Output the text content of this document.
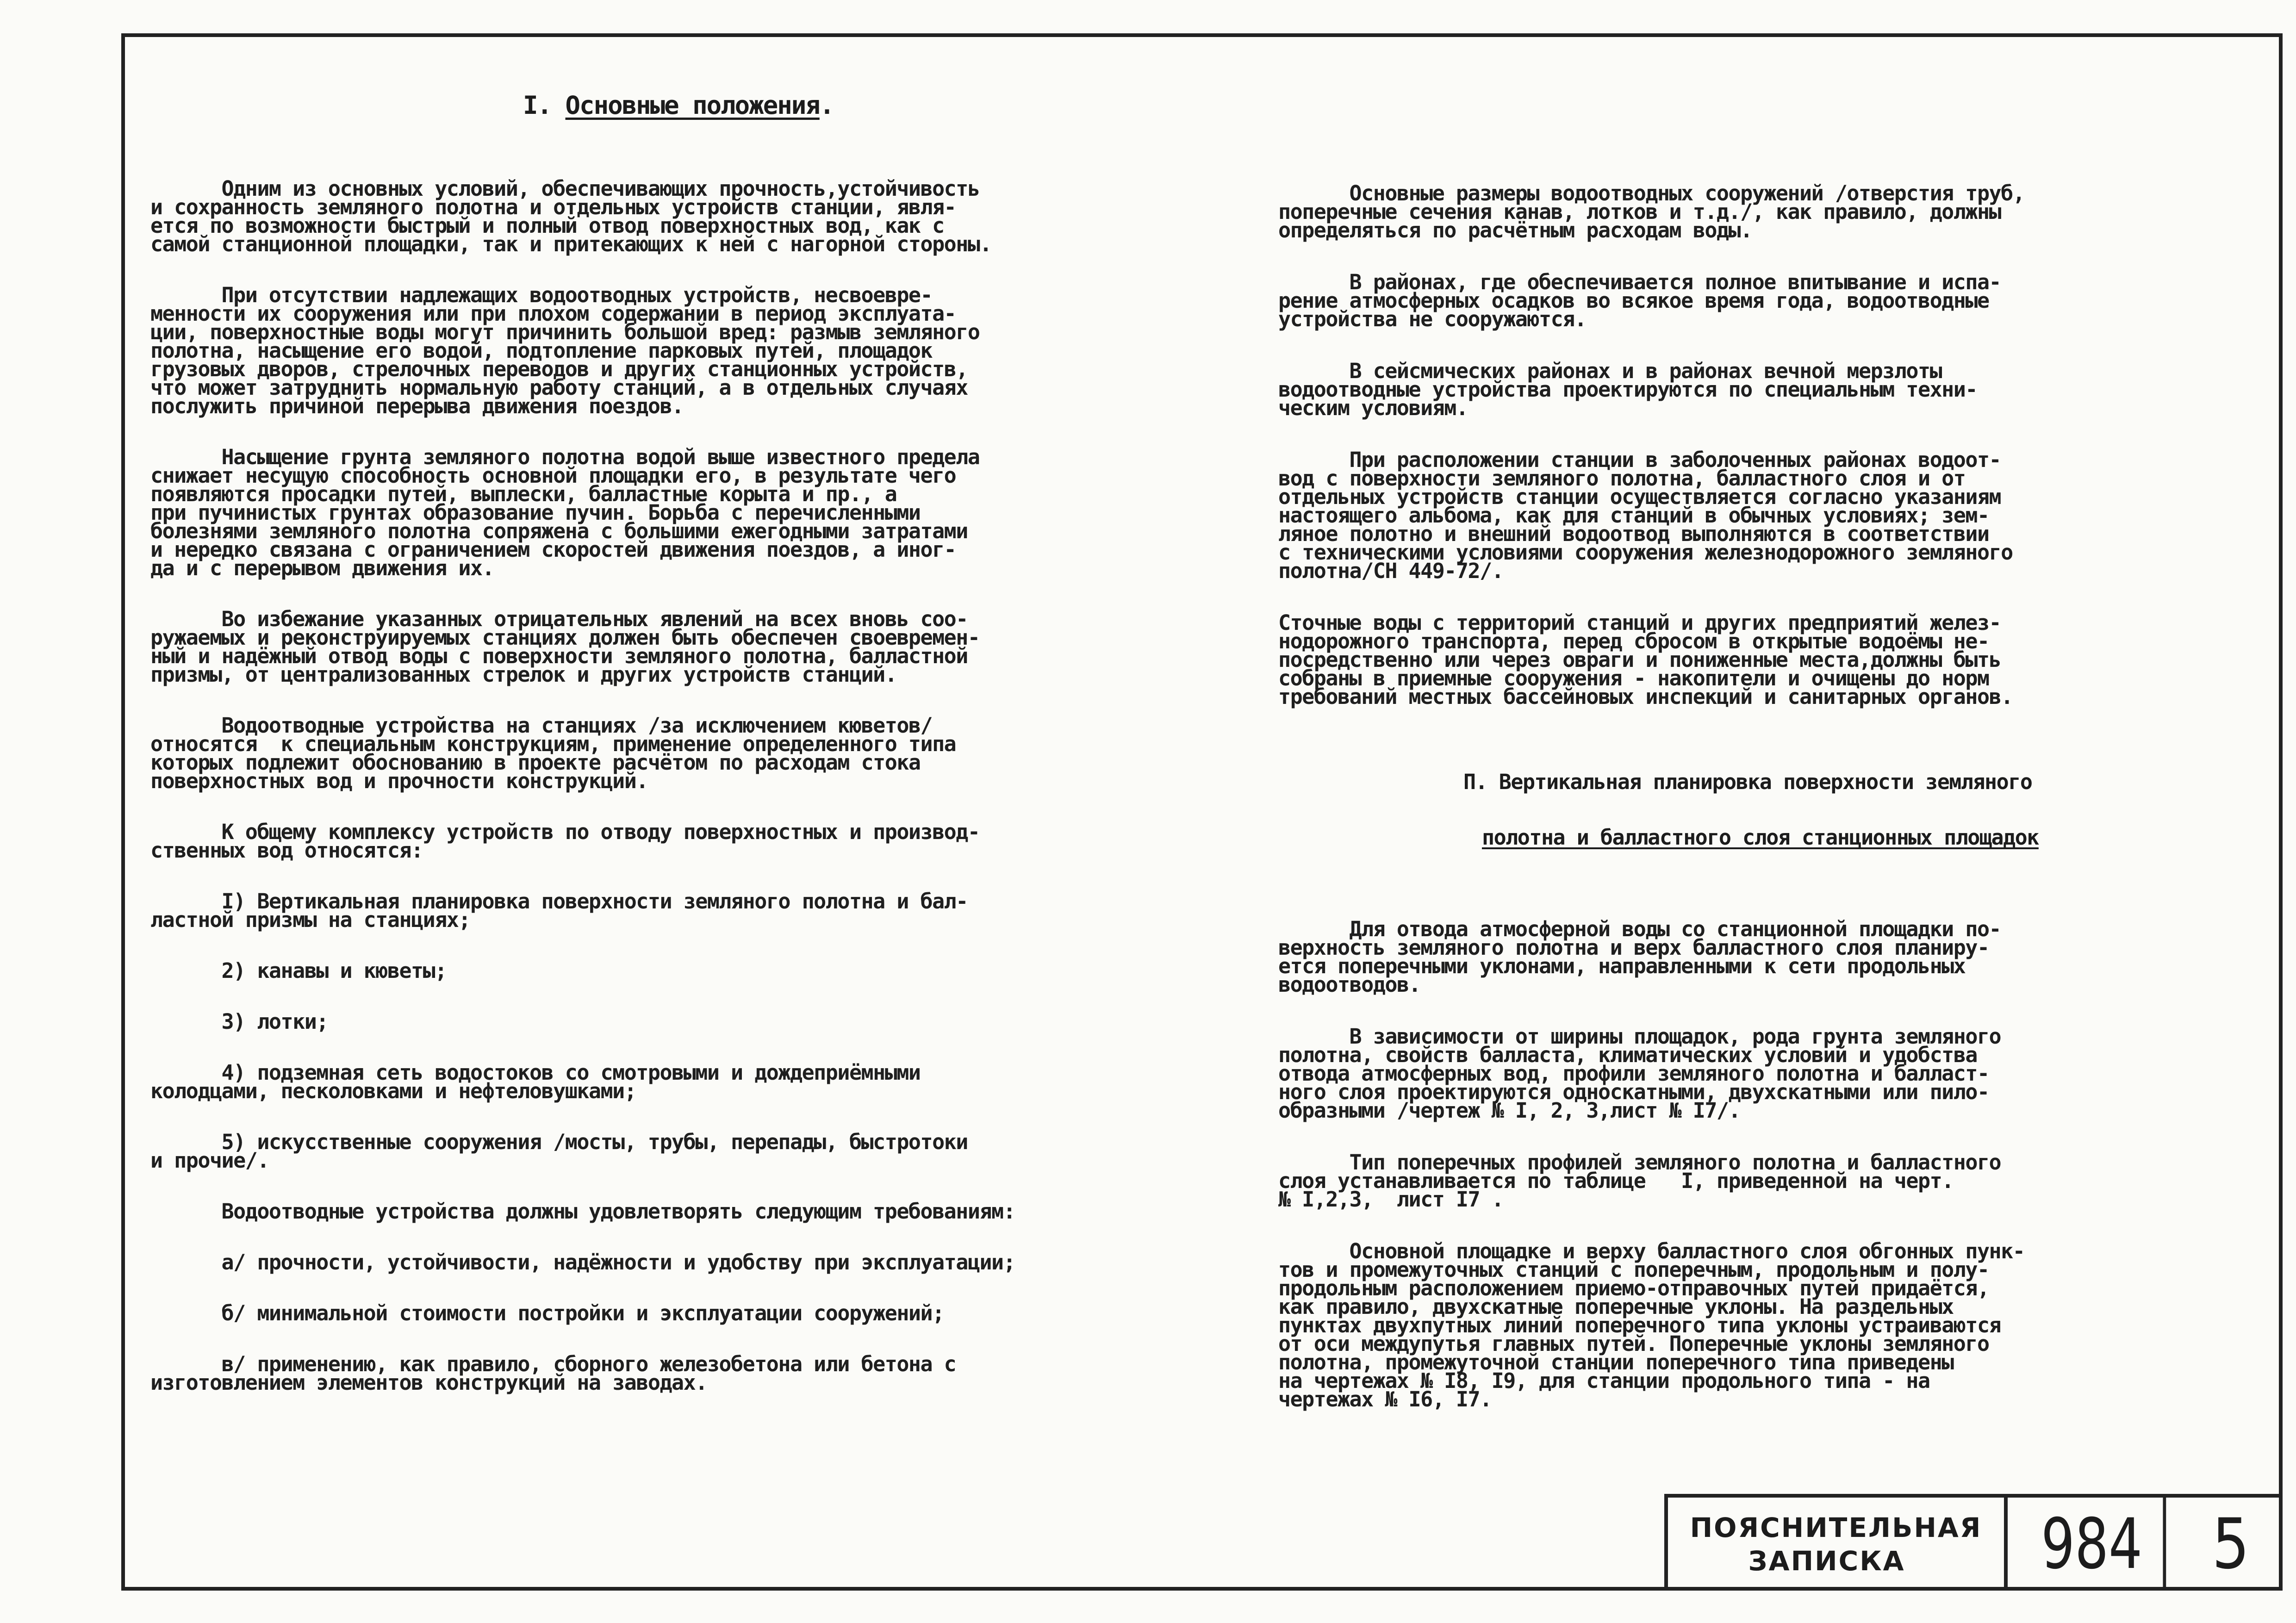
I. Основные положения.

Одним из основных условий, обеспечивающих прочность,устойчивость
и сохранность земляного полотна и отдельных устройств станции, явля-
ется по возможности быстрый и полный отвод поверхностных вод, как с
самой станционной площадки, так и притекающих к ней с нагорной стороны.

При отсутствии надлежащих водоотводных устройств, несвоевре-
менности их сооружения или при плохом содержании в период эксплуата-
ции, поверхностные воды могут причинить большой вред: размыв земляного
полотна, насыщение его водой, подтопление парковых путей, площадок
грузовых дворов, стрелочных переводов и других станционных устройств,
что может затруднить нормальную работу станций, а в отдельных случаях
послужить причиной перерыва движения поездов.

Насыщение грунта земляного полотна водой выше известного предела
снижает несущую способность основной площадки его, в результате чего
появляются просадки путей, выплески, балластные корыта и пр., а
при пучинистых грунтах образование пучин. Борьба с перечисленными
болезнями земляного полотна сопряжена с большими ежегодными затратами
и нередко связана с ограничением скоростей движения поездов, а иног-
да и с перерывом движения их.

Во избежание указанных отрицательных явлений на всех вновь соо-
ружаемых и реконструируемых станциях должен быть обеспечен своевремен-
ный и надёжный отвод воды с поверхности земляного полотна, балластной
призмы, от централизованных стрелок и других устройств станций.

Водоотводные устройства на станциях /за исключением кюветов/
относятся  к специальным конструкциям, применение определенного типа
которых подлежит обоснованию в проекте расчётом по расходам стока
поверхностных вод и прочности конструкций.

К общему комплексу устройств по отводу поверхностных и производ-
ственных вод относятся:

I) Вертикальная планировка поверхности земляного полотна и бал-
ластной призмы на станциях;

2) канавы и кюветы;

3) лотки;

4) подземная сеть водостоков со смотровыми и дождеприёмными
колодцами, песколовками и нефтеловушками;

5) искусственные сооружения /мосты, трубы, перепады, быстротоки
и прочие/.

Водоотводные устройства должны удовлетворять следующим требованиям:

а/ прочности, устойчивости, надёжности и удобству при эксплуатации;

б/ минимальной стоимости постройки и эксплуатации сооружений;

в/ применению, как правило, сборного железобетона или бетона с
изготовлением элементов конструкций на заводах.

Основные размеры водоотводных сооружений /отверстия труб,
поперечные сечения канав, лотков и т.д./, как правило, должны
определяться по расчётным расходам воды.

В районах, где обеспечивается полное впитывание и испа-
рение атмосферных осадков во всякое время года, водоотводные
устройства не сооружаются.

В сейсмических районах и в районах вечной мерзлоты
водоотводные устройства проектируются по специальным техни-
ческим условиям.

При расположении станции в заболоченных районах водоот-
вод с поверхности земляного полотна, балластного слоя и от
отдельных устройств станции осуществляется согласно указаниям
настоящего альбома, как для станций в обычных условиях; зем-
ляное полотно и внешний водоотвод выполняются в соответствии
с техническими условиями сооружения железнодорожного земляного
полотна/СН 449-72/.

Сточные воды с территорий станций и других предприятий желез-
нодорожного транспорта, перед сбросом в открытые водоёмы не-
посредственно или через овраги и пониженные места,должны быть
собраны в приемные сооружения - накопители и очищены до норм
требований местных бассейновых инспекций и санитарных органов.

П. Вертикальная планировка поверхности земляного

полотна и балластного слоя станционных площадок

Для отвода атмосферной воды со станционной площадки по-
верхность земляного полотна и верх балластного слоя планиру-
ется поперечными уклонами, направленными к сети продольных
водоотводов.

В зависимости от ширины площадок, рода грунта земляного
полотна, свойств балласта, климатических условий и удобства
отвода атмосферных вод, профили земляного полотна и балласт-
ного слоя проектируются односкатными, двухскатными или пило-
образными /чертеж № I, 2, 3,лист № I7/.

Тип поперечных профилей земляного полотна и балластного
слоя устанавливается по таблице   I, приведенной на черт.
№ I,2,3,  лист I7 .

Основной площадке и верху балластного слоя обгонных пунк-
тов и промежуточных станций с поперечным, продольным и полу-
продольным расположением приемо-отправочных путей придаётся,
как правило, двухскатные поперечные уклоны. На раздельных
пунктах двухпутных линий поперечного типа уклоны устраиваются
от оси междупутья главных путей. Поперечные уклоны земляного
полотна, промежуточной станции поперечного типа приведены
на чертежах № I8, I9, для станции продольного типа - на
чертежах № I6, I7.

ПОЯСНИТЕЛЬНАЯ
ЗАПИСКА 984	5
